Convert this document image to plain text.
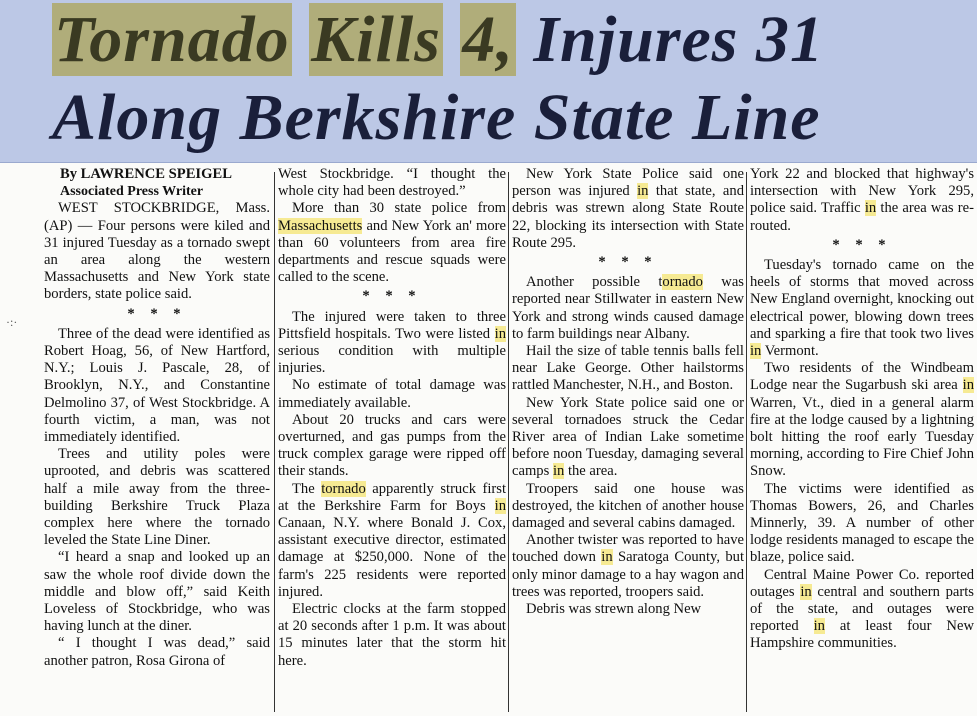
Tornado Kills 4, Injures 31
Along Berkshire State Line
·:·

By LAWRENCE SPEIGEL

Associated Press Writer

WEST STOCKBRIDGE, Mass. (AP) — Four persons were kiled and 31 injured Tuesday as a tornado swept an area along the western Massachusetts and New York state borders, state police said.

* * *

Three of the dead were identified as Robert Hoag, 56, of New Hartford, N.Y.; Louis J. Pascale, 28, of Brooklyn, N.Y., and Constantine Delmolino 37, of West Stockbridge. A fourth victim, a man, was not immediately identified.

Trees and utility poles were uprooted, and debris was scattered half a mile away from the three-building Berkshire Truck Plaza complex here where the tornado leveled the State Line Diner.

“I heard a snap and looked up an saw the whole roof divide down the middle and blow off,” said Keith Loveless of Stockbridge, who was having lunch at the diner.

“ I thought I was dead,” said another patron, Rosa Girona of

West Stockbridge. “I thought the whole city had been destroyed.”

More than 30 state police from Massachusetts and New York an' more than 60 volunteers from area fire departments and rescue squads were called to the scene.

* * *

The injured were taken to three Pittsfield hospitals. Two were listed in serious condition with multiple injuries.

No estimate of total damage was immediately available.

About 20 trucks and cars were overturned, and gas pumps from the truck complex garage were ripped off their stands.

The tornado apparently struck first at the Berkshire Farm for Boys in Canaan, N.Y. where Bonald J. Cox, assistant executive director, estimated damage at $250,000. None of the farm's 225 residents were reported injured.

Electric clocks at the farm stopped at 20 seconds after 1 p.m. It was about 15 minutes later that the storm hit here.

New York State Police said one person was injured in that state, and debris was strewn along State Route 22, blocking its intersection with State Route 295.

* * *

Another possible tornado was reported near Stillwater in eastern New York and strong winds caused damage to farm buildings near Albany.

Hail the size of table tennis balls fell near Lake George. Other hailstorms rattled Manchester, N.H., and Boston.

New York State police said one or several tornadoes struck the Cedar River area of Indian Lake sometime before noon Tuesday, damaging several camps in the area.

Troopers said one house was destroyed, the kitchen of another house damaged and several cabins damaged.

Another twister was reported to have touched down in Saratoga County, but only minor damage to a hay wagon and trees was reported, troopers said.

Debris was strewn along New

York 22 and blocked that highway's intersection with New York 295, police said. Traffic in the area was re-routed.

* * *

Tuesday's tornado came on the heels of storms that moved across New England overnight, knocking out electrical power, blowing down trees and sparking a fire that took two lives in Vermont.

Two residents of the Windbeam Lodge near the Sugarbush ski area in Warren, Vt., died in a general alarm fire at the lodge caused by a lightning bolt hitting the roof early Tuesday morning, according to Fire Chief John Snow.

The victims were identified as Thomas Bowers, 26, and Charles Minnerly, 39. A number of other lodge residents managed to escape the blaze, police said.

Central Maine Power Co. reported outages in central and southern parts of the state, and outages were reported in at least four New Hampshire communities.
